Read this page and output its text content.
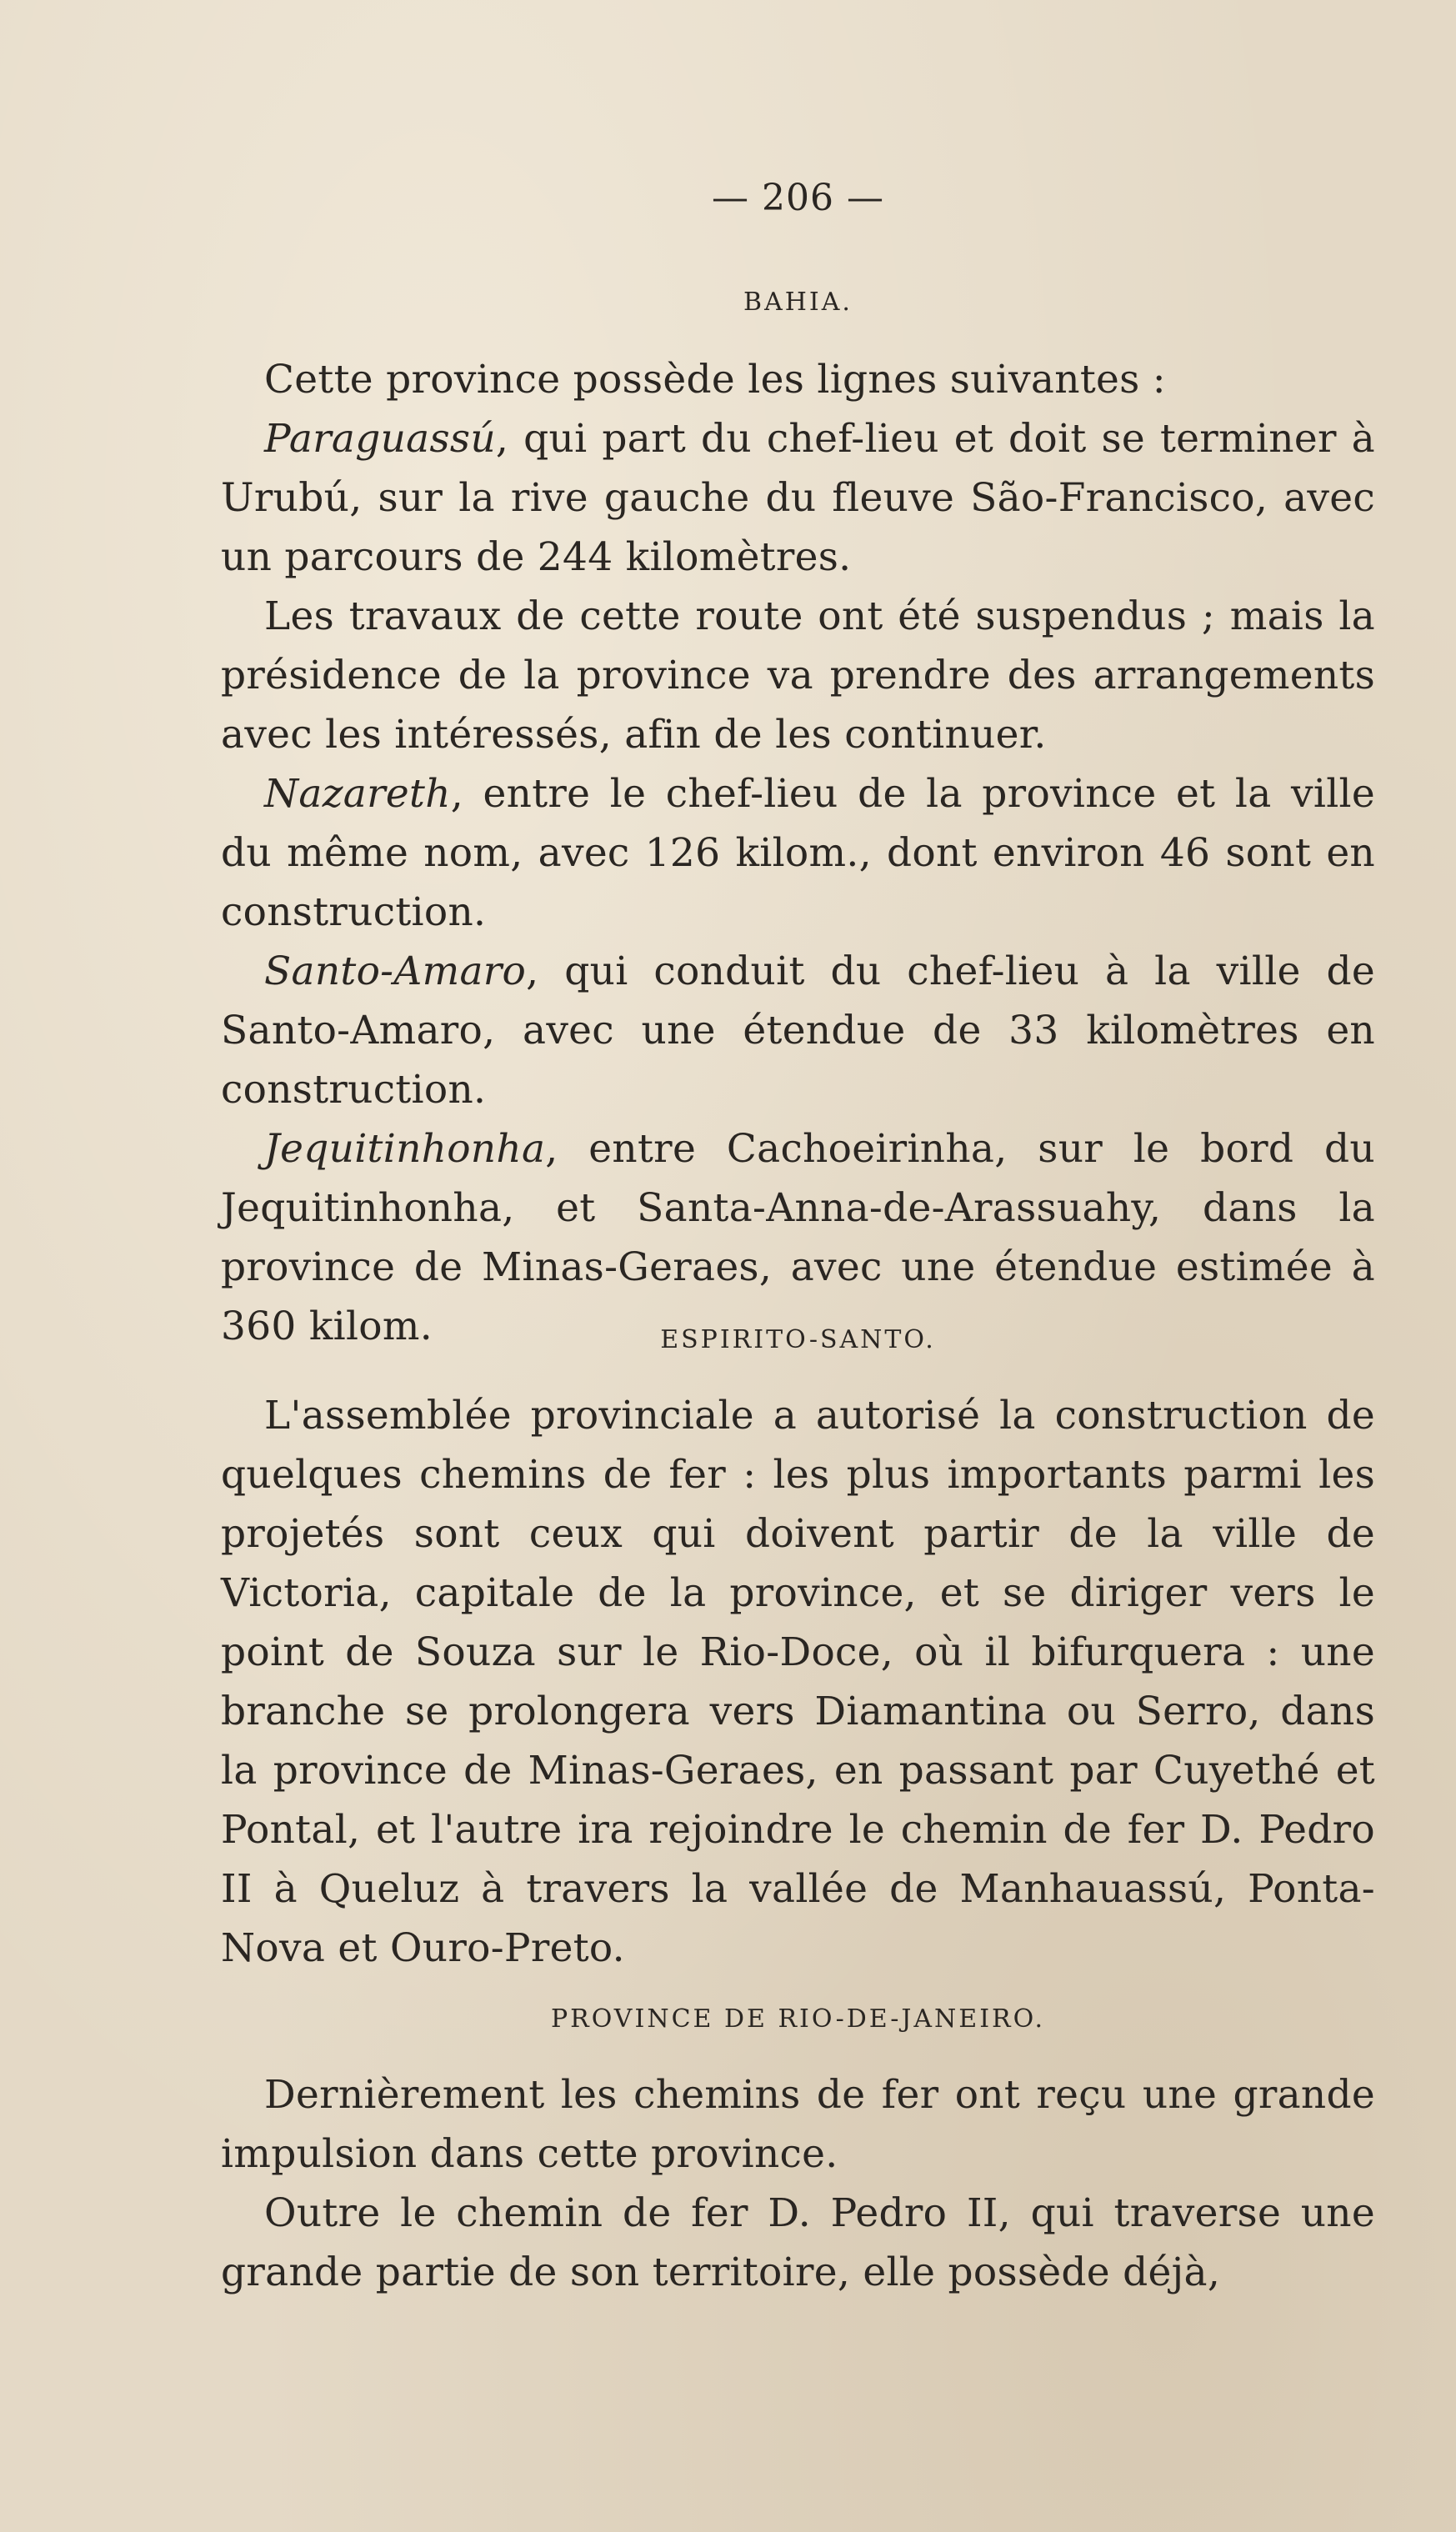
— 206 —
BAHIA.

Cette province possède les lignes suivantes :

Paraguassú, qui part du chef-lieu et doit se terminer à Urubú, sur la rive gauche du fleuve São-Francisco, avec un parcours de 244 kilomètres.

Les travaux de cette route ont été suspendus ; mais la présidence de la province va prendre des arrangements avec les intéressés, afin de les continuer.

Nazareth, entre le chef-lieu de la province et la ville du même nom, avec 126 kilom., dont environ 46 sont en construction.

Santo-Amaro, qui conduit du chef-lieu à la ville de Santo-Amaro, avec une étendue de 33 kilomètres en construction.

Jequitinhonha, entre Cachoeirinha, sur le bord du Jequitinhonha, et Santa-Anna-de-Arassuahy, dans la province de Minas-Geraes, avec une étendue estimée à 360 kilom.	ESPIRITO-SANTO.

L'assemblée provinciale a autorisé la construction de quelques chemins de fer : les plus importants parmi les projetés sont ceux qui doivent partir de la ville de Victoria, capitale de la province, et se diriger vers le point de Souza sur le Rio-Doce, où il bifurquera : une branche se prolongera vers Diamantina ou Serro, dans la province de Minas-Geraes, en passant par Cuyethé et Pontal, et l'autre ira rejoindre le chemin de fer D. Pedro II à Queluz à travers la vallée de Manhauassú, Ponta-Nova et Ouro-Preto.

PROVINCE DE RIO-DE-JANEIRO.

Dernièrement les chemins de fer ont reçu une grande impulsion dans cette province.

Outre le chemin de fer D. Pedro II, qui traverse une grande partie de son territoire, elle possède déjà,
